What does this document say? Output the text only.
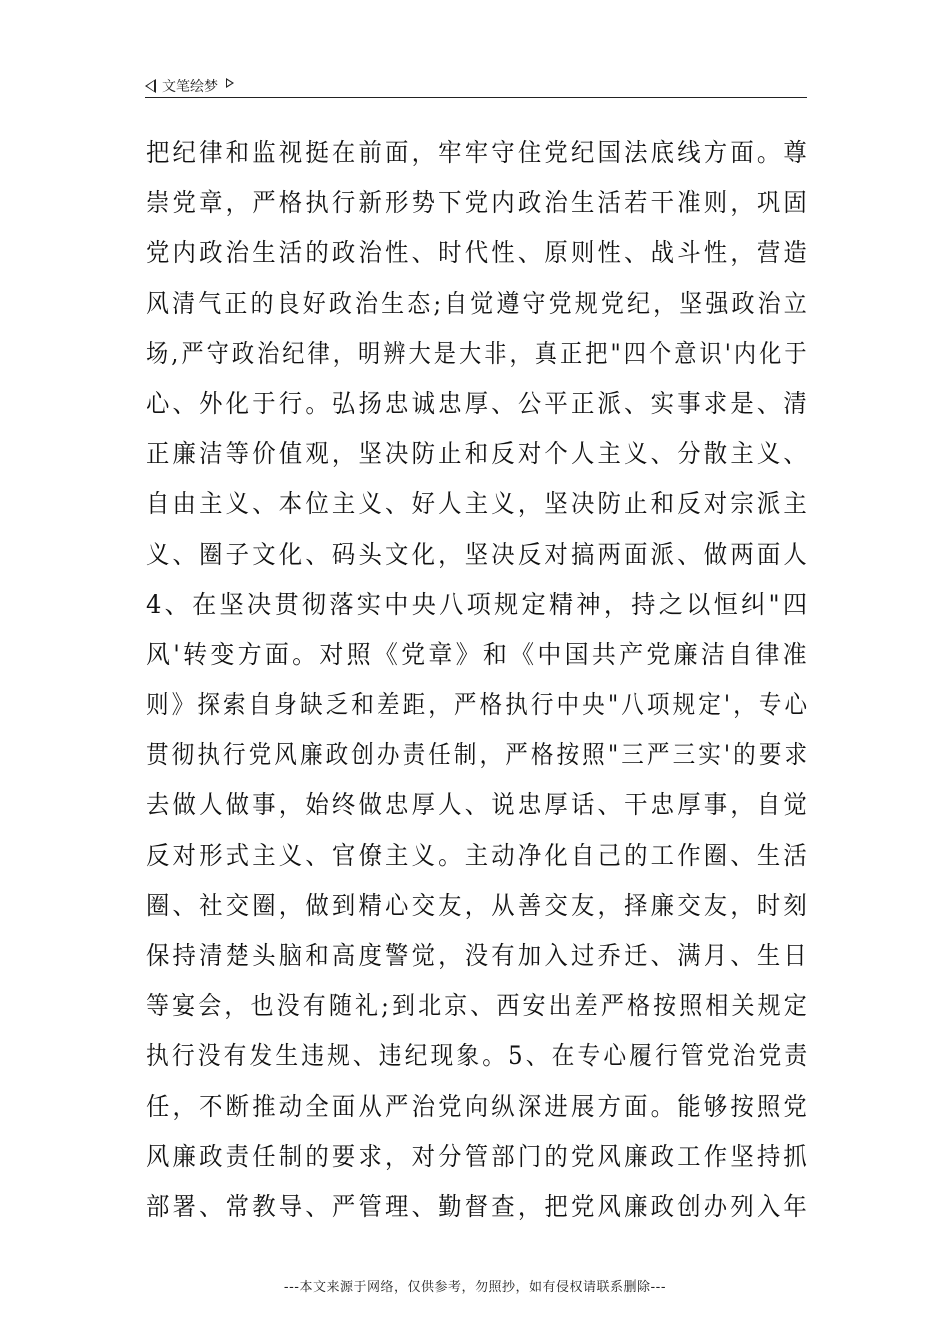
文笔绘梦
把纪律和监视挺在前面，牢牢守住党纪国法底线方面。尊
崇党章，严格执行新形势下党内政治生活若干准则，巩固
党内政治生活的政治性、时代性、原则性、战斗性，营造
风清气正的良好政治生态;自觉遵守党规党纪，坚强政治立
场,严守政治纪律，明辨大是大非，真正把"四个意识'内化于
心、外化于行。弘扬忠诚忠厚、公平正派、实事求是、清
正廉洁等价值观，坚决防止和反对个人主义、分散主义、
自由主义、本位主义、好人主义，坚决防止和反对宗派主
义、圈子文化、码头文化，坚决反对搞两面派、做两面人
4、在坚决贯彻落实中央八项规定精神，持之以恒纠"四
风'转变方面。对照《党章》和《中国共产党廉洁自律准
则》探索自身缺乏和差距，严格执行中央"八项规定'，专心
贯彻执行党风廉政创办责任制，严格按照"三严三实'的要求
去做人做事，始终做忠厚人、说忠厚话、干忠厚事，自觉
反对形式主义、官僚主义。主动净化自己的工作圈、生活
圈、社交圈，做到精心交友，从善交友，择廉交友，时刻
保持清楚头脑和高度警觉，没有加入过乔迁、满月、生日
等宴会，也没有随礼;到北京、西安出差严格按照相关规定
执行没有发生违规、违纪现象。5、在专心履行管党治党责
任，不断推动全面从严治党向纵深进展方面。能够按照党
风廉政责任制的要求，对分管部门的党风廉政工作坚持抓
部署、常教导、严管理、勤督查，把党风廉政创办列入年
---本文来源于网络，仅供参考，勿照抄，如有侵权请联系删除---
